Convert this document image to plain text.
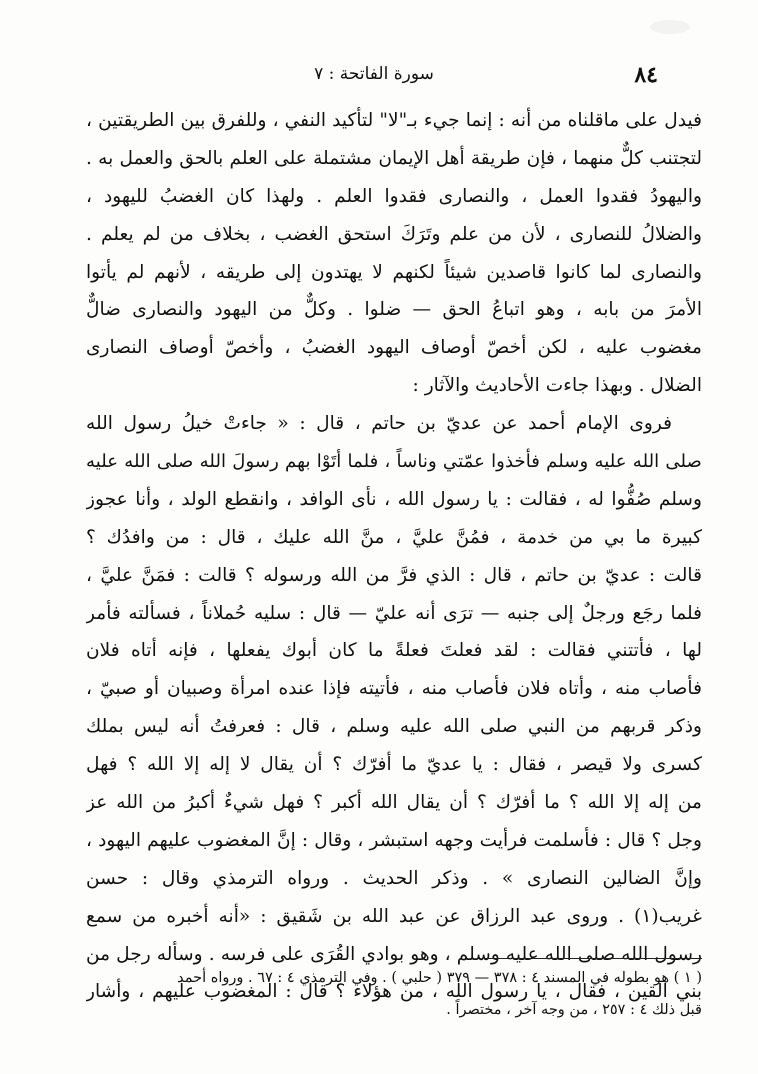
٨٤
سورة الفاتحة : ٧
فيدل على ماقلناه من أنه : إنما جيء بـ"لا" لتأكيد النفي ، وللفرق بين الطريقتين ،
لتجتنب كلٌّ منهما ، فإن طريقة أهل الإيمان مشتملة على العلم بالحق والعمل به .
واليهودُ فقدوا العمل ، والنصارى فقدوا العلم . ولهذا كان الغضبُ لليهود ،
والضلالُ للنصارى ، لأن من علم وتَرَكَ استحق الغضب ، بخلاف من لم يعلم .
والنصارى لما كانوا قاصدين شيئاً لكنهم لا يهتدون إلى طريقه ، لأنهم لم يأتوا
الأمرَ من بابه ، وهو اتباعُ الحق — ضلوا . وكلٌّ من اليهود والنصارى ضالٌّ
مغضوب عليه ، لكن أخصّ أوصاف اليهود الغضبُ ، وأخصّ أوصاف النصارى
الضلال . وبهذا جاءت الأحاديث والآثار :
فروى الإمام أحمد عن عديّ بن حاتم ، قال : « جاءتْ خيلُ رسول الله
صلى الله عليه وسلم فأخذوا عمّتي وناساً ، فلما أتَوْا بهم رسولَ الله صلى الله عليه
وسلم صُفُّوا له ، فقالت : يا رسول الله ، نأى الوافد ، وانقطع الولد ، وأنا عجوز
كبيرة ما بي من خدمة ، فمُنَّ عليَّ ، منَّ الله عليك ، قال : من وافدُك ؟
قالت : عديّ بن حاتم ، قال : الذي فرَّ من الله ورسوله ؟ قالت : فمَنَّ عليَّ ،
فلما رجَع ورجلٌ إلى جنبه — ترَى أنه عليّ — قال : سليه حُملاناً ، فسألته فأمر
لها ، فأتتني فقالت : لقد فعلتَ فعلةً ما كان أبوك يفعلها ، فإنه أتاه فلان
فأصاب منه ، وأتاه فلان فأصاب منه ، فأتيته فإذا عنده امرأة وصبيان أو صبيّ ،
وذكر قربهم من النبي صلى الله عليه وسلم ، قال : فعرفتُ أنه ليس بملك
كسرى ولا قيصر ، فقال : يا عديّ ما أفرّك ؟ أن يقال لا إله إلا الله ؟ فهل
من إله إلا الله ؟ ما أفرّك ؟ أن يقال الله أكبر ؟ فهل شيءٌ أكبرُ من الله عز
وجل ؟ قال : فأسلمت فرأيت وجهه استبشر ، وقال : إنَّ المغضوب عليهم اليهود ،
وإنَّ الضالين النصارى » . وذكر الحديث . ورواه الترمذي وقال : حسن
غريب(١) . وروى عبد الرزاق عن عبد الله بن شَقيق : «أنه أخبره من سمع
رسول الله صلى الله عليه وسلم ، وهو بوادي القُرَى على فرسه . وسأله رجل من
بني القين ، فقال ، يا رسول الله ، من هؤلاء ؟ قال : المغضوب عليهم ، وأشار
( ١ ) هو بطوله في المسند ٤ : ٣٧٨ — ٣٧٩ ( حلبي ) . وفي الترمذي ٤ : ٦٧ . ورواه أحمد
قبل ذلك ٤ : ٢٥٧ ، من وجه آخر ، مختصراً .
